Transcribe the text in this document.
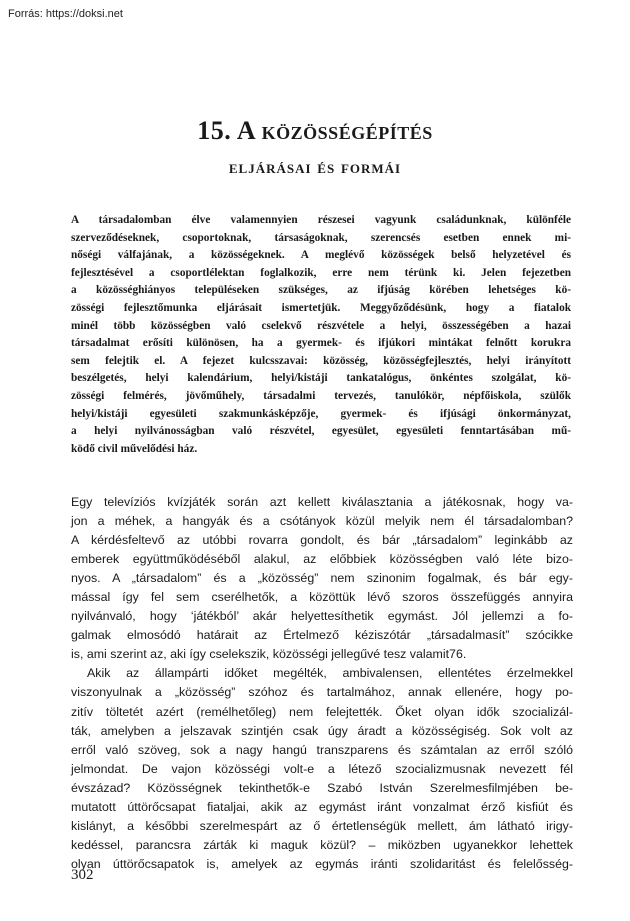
Forrás: https://doksi.net
15. A közösségépítés
eljárásai és formái
A társadalomban élve valamennyien részesei vagyunk családunknak, különféle
szerveződéseknek, csoportoknak, társaságoknak, szerencsés esetben ennek mi-
nőségi válfajának, a közösségeknek. A meglévő közösségek belső helyzetével és
fejlesztésével a csoportlélektan foglalkozik, erre nem térünk ki. Jelen fejezetben
a közösséghiányos településeken szükséges, az ifjúság körében lehetséges kö-
zösségi fejlesztőmunka eljárásait ismertetjük. Meggyőződésünk, hogy a fiatalok
minél több közösségben való cselekvő részvétele a helyi, összességében a hazai
társadalmat erősíti különösen, ha a gyermek- és ifjúkori mintákat felnőtt korukra
sem felejtik el. A fejezet kulcsszavai: közösség, közösségfejlesztés, helyi irányított
beszélgetés, helyi kalendárium, helyi/kistáji tankatalógus, önkéntes szolgálat, kö-
zösségi felmérés, jövőműhely, társadalmi tervezés, tanulókör, népfőiskola, szülők
helyi/kistáji egyesületi szakmunkásképzője, gyermek- és ifjúsági önkormányzat,
a helyi nyilvánosságban való részvétel, egyesület, egyesületi fenntartásában mű-
ködő civil művelődési ház.
Egy televíziós kvízjáték során azt kellett kiválasztania a játékosnak, hogy va-
jon a méhek, a hangyák és a csótányok közül melyik nem él társadalomban?
A kérdésfeltevő az utóbbi rovarra gondolt, és bár „társadalom” leginkább az
emberek együttműködéséből alakul, az előbbiek közösségben való léte bizo-
nyos. A „társadalom” és a „közösség” nem szinonim fogalmak, és bár egy-
mással így fel sem cserélhetők, a közöttük lévő szoros összefüggés annyira
nyilvánvaló, hogy ‘játékból’ akár helyettesíthetik egymást. Jól jellemzi a fo-
galmak elmosódó határait az Értelmező kéziszótár „társadalmasít” szócikke
is, ami szerint az, aki így cselekszik, közösségi jellegűvé tesz valamit76.
Akik az állampárti időket megélték, ambivalensen, ellentétes érzelmekkel
viszonyulnak a „közösség” szóhoz és tartalmához, annak ellenére, hogy po-
zitív töltetét azért (remélhetőleg) nem felejtették. Őket olyan idők szocializál-
ták, amelyben a jelszavak szintjén csak úgy áradt a közösségiség. Sok volt az
erről való szöveg, sok a nagy hangú transzparens és számtalan az erről szóló
jelmondat. De vajon közösségi volt-e a létező szocializmusnak nevezett fél
évszázad? Közösségnek tekinthetők-e Szabó István Szerelmesfilmjében be-
mutatott úttörőcsapat fiataljai, akik az egymást iránt vonzalmat érző kisfiút és
kislányt, a későbbi szerelmespárt az ő értetlenségük mellett, ám látható irigy-
kedéssel, parancsra zárták ki maguk közül? – miközben ugyanekkor lehettek
olyan úttörőcsapatok is, amelyek az egymás iránti szolidaritást és felelősség-
302
